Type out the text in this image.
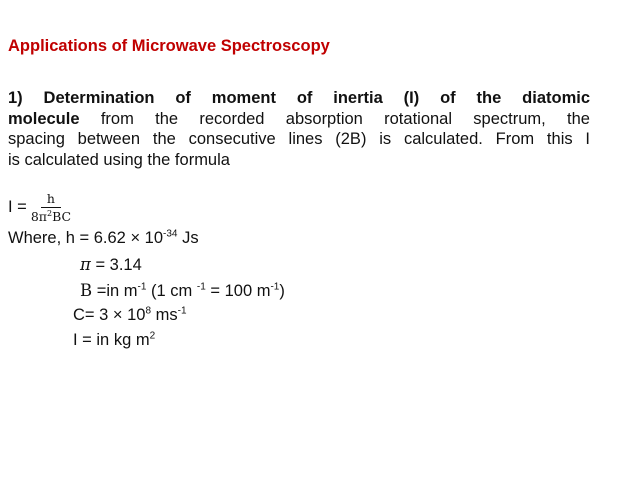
Applications of Microwave Spectroscopy
1) Determination of moment of inertia (I) of the diatomic
molecule from the recorded absorption rotational spectrum, the
spacing between the consecutive lines (2B) is calculated. From this I
is calculated using the formula
$I = \frac{h}{8\pi^2BC}$
Where, $h = 6.62 \times 10^{-34}$ Js
π = 3.14
B =in $m^{-1}$ (1 cm $^{-1}$ = 100 $m^{-1}$)
$C= 3 \times 10^8$ $ms^{-1}$
I = in kg $m^2$
